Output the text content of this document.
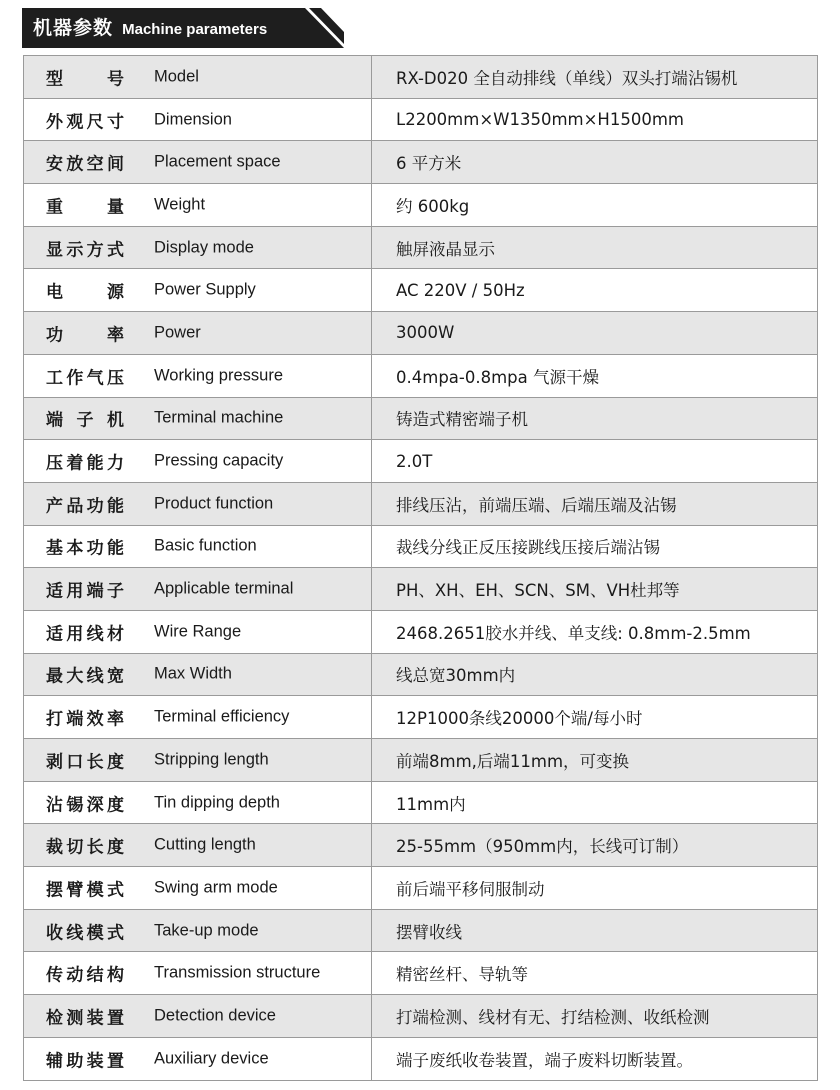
机器参数 Machine parameters
型 号 Model	RX-D020 全自动排线（单线）双头打端沾锡机

外 观 尺 寸 Dimension	L2200mm×W1350mm×H1500mm

安 放 空 间 Placement space	6 平方米

重 量 Weight	约 600kg

显 示 方 式 Display mode	触屏液晶显示

电 源 Power Supply	AC 220V / 50Hz

功 率 Power	3000W

工 作 气 压 Working pressure	0.4mpa-0.8mpa 气源干燥

端 子 机 Terminal machine	铸造式精密端子机

压 着 能 力 Pressing capacity	2.0T

产 品 功 能 Product function	排线压沾，前端压端、后端压端及沾锡

基 本 功 能 Basic function	裁线分线正反压接跳线压接后端沾锡

适 用 端 子 Applicable terminal	PH、XH、EH、SCN、SM、VH杜邦等

适 用 线 材 Wire Range	2468.2651胶水并线、单支线: 0.8mm-2.5mm

最 大 线 宽 Max Width	线总宽30mm内

打 端 效 率 Terminal efficiency	12P1000条线20000个端/每小时

剥 口 长 度 Stripping length	前端8mm,后端11mm，可变换

沾 锡 深 度 Tin dipping depth	11mm内

裁 切 长 度 Cutting length	25-55mm（950mm内，长线可订制）

摆 臂 模 式 Swing arm mode	前后端平移伺服制动

收 线 模 式 Take-up mode	摆臂收线

传 动 结 构 Transmission structure	精密丝杆、导轨等

检 测 装 置 Detection device	打端检测、线材有无、打结检测、收纸检测

辅 助 装 置 Auxiliary device	端子废纸收卷装置，端子废料切断装置。
